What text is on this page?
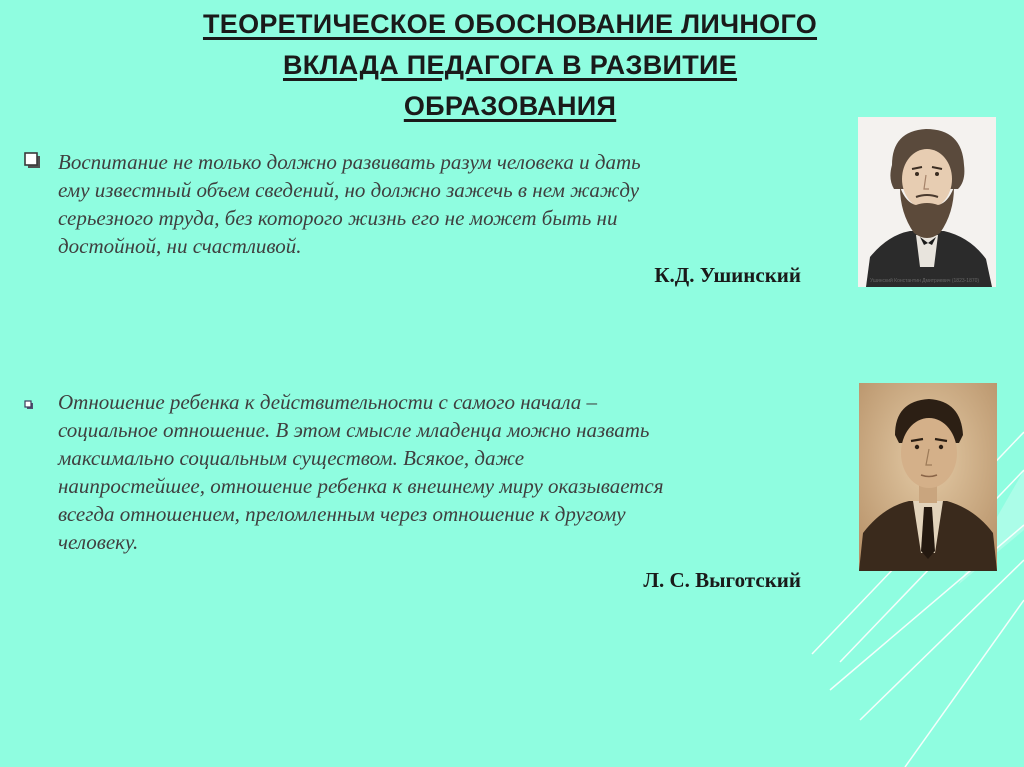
ТЕОРЕТИЧЕСКОЕ ОБОСНОВАНИЕ ЛИЧНОГО
ВКЛАДА ПЕДАГОГА В РАЗВИТИЕ
ОБРАЗОВАНИЯ
Воспитание не только должно развивать разум человека и дать
ему известный объем сведений, но должно зажечь в нем жажду
серьезного труда, без которого жизнь его не может быть ни
достойной, ни счастливой.
К.Д. Ушинский
Отношение ребенка к действительности с самого начала –
социальное отношение. В этом смысле младенца можно назвать
максимально социальным существом. Всякое, даже
наипростейшее, отношение ребенка к внешнему миру оказывается
всегда отношением, преломленным через отношение к другому
человеку.
Л. С. Выготский
Ушинский Константин Дмитриевич (1823-1870)
